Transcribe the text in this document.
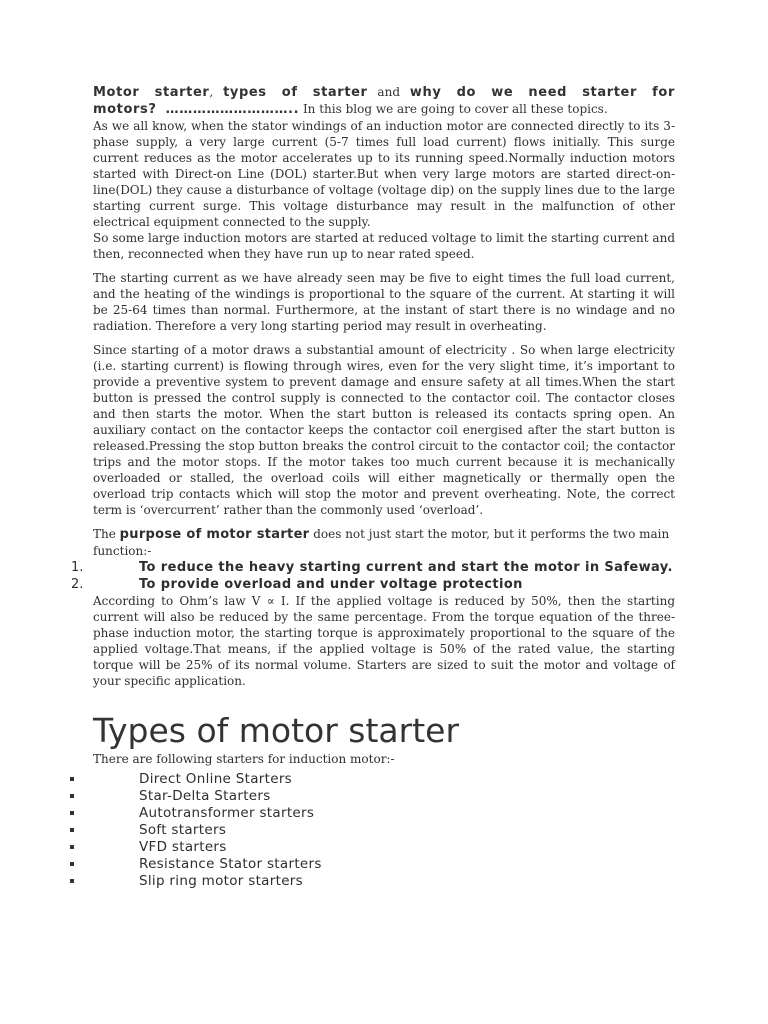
Motor starter, types of starter and why do we need starter for
motors? ……………………….. In this blog we are going to cover all these topics.

As we all know, when the stator windings of an induction motor are connected directly to its 3-phase supply, a very large current (5-7 times full load current) flows initially. This surge current reduces as the motor accelerates up to its running speed.Normally induction motors started with Direct-on Line (DOL) starter.But when very large motors are started direct-on-line(DOL) they cause a disturbance of voltage (voltage dip) on the supply lines due to the large starting current surge. This voltage disturbance may result in the malfunction of other electrical equipment connected to the supply.

So some large induction motors are started at reduced voltage to limit the starting current and then, reconnected when they have run up to near rated speed.

The starting current as we have already seen may be five to eight times the full load current, and the heating of the windings is proportional to the square of the current. At starting it will be 25-64 times than normal. Furthermore, at the instant of start there is no windage and no radiation. Therefore a very long starting period may result in overheating.

Since starting of a motor draws a substantial amount of electricity . So when large electricity (i.e. starting current) is flowing through wires, even for the very slight time, it’s important to provide a preventive system to prevent damage and ensure safety at all times.When the start button is pressed the control supply is connected to the contactor coil. The contactor closes and then starts the motor. When the start button is released its contacts spring open. An auxiliary contact on the contactor keeps the contactor coil energised after the start button is released.Pressing the stop button breaks the control circuit to the contactor coil; the contactor trips and the motor stops. If the motor takes too much current because it is mechanically overloaded or stalled, the overload coils will either magnetically or thermally open the overload trip contacts which will stop the motor and prevent overheating. Note, the correct term is ‘overcurrent’ rather than the commonly used ‘overload’.

The purpose of motor starter does not just start the motor, but it performs the two main function:-

1.	To reduce the heavy starting current and start the motor in Safeway.
2.	To provide overload and under voltage protection

According to Ohm’s law V ∝ I. If the applied voltage is reduced by 50%, then the starting current will also be reduced by the same percentage. From the torque equation of the three-phase induction motor, the starting torque is approximately proportional to the square of the applied voltage.That means, if the applied voltage is 50% of the rated value, the starting torque will be 25% of its normal volume. Starters are sized to suit the motor and voltage of your specific application.

Types of motor starter

There are following starters for induction motor:-

Direct Online Starters
Star-Delta Starters
Autotransformer starters
Soft starters
VFD starters
Resistance Stator starters
Slip ring motor starters
